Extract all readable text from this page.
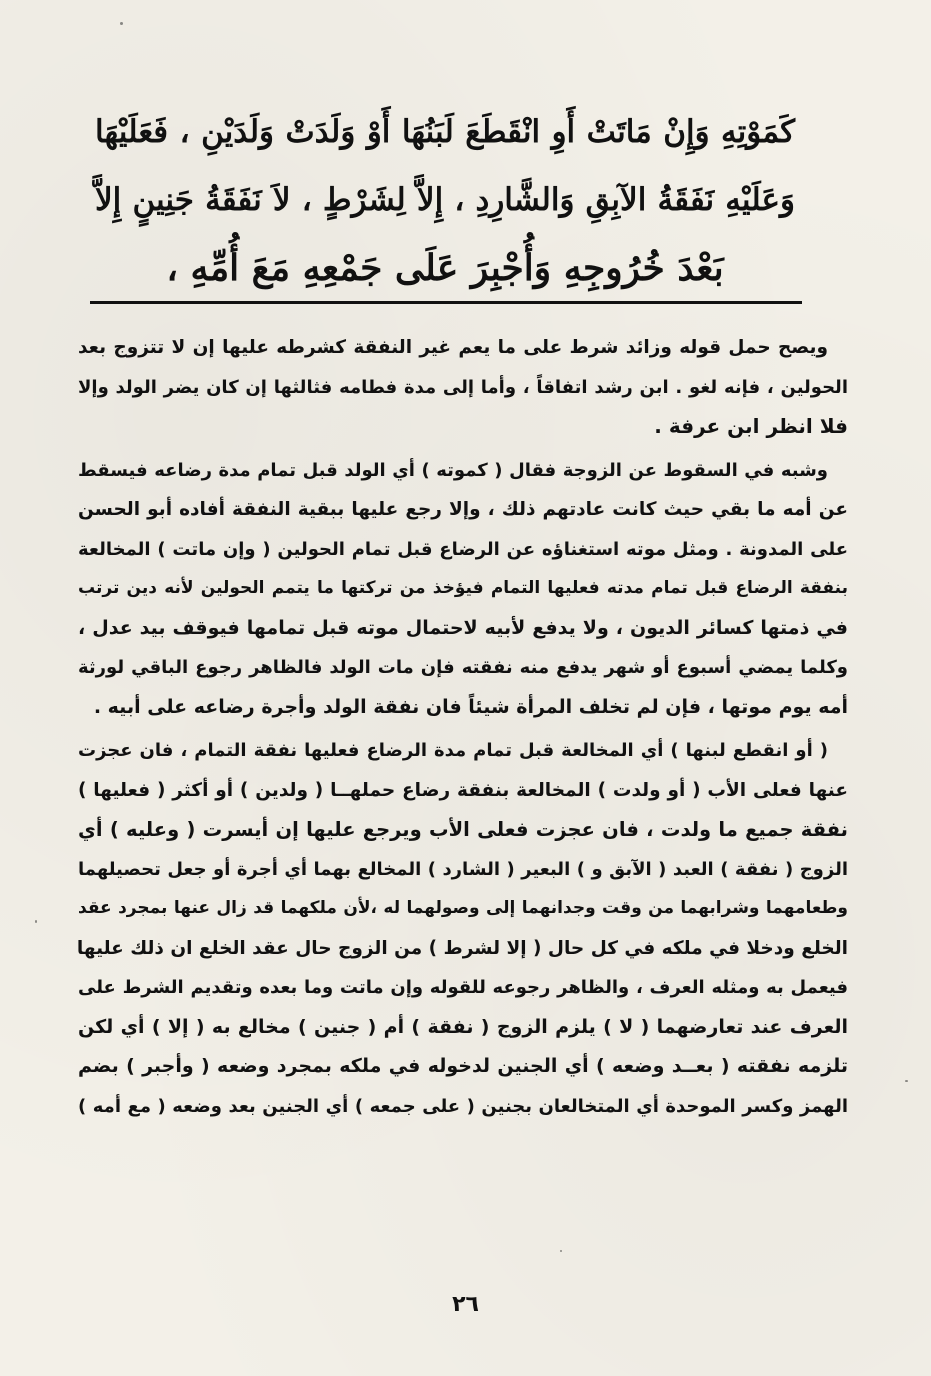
كَمَوْتِهِ وَإِنْ مَاتَتْ أَوِ انْقَطَعَ لَبَنُهَا أَوْ وَلَدَتْ وَلَدَيْنِ ، فَعَلَيْهَا
وَعَلَيْهِ نَفَقَةُ الآبِقِ وَالشَّارِدِ ، إِلاَّ لِشَرْطٍ ، لاَ نَفَقَةُ جَنِينٍ إِلاَّ
بَعْدَ خُرُوجِهِ وَأُجْبِرَ عَلَى جَمْعِهِ مَعَ أُمِّهِ ،
ويصح حمل قوله وزائد شرط على ما يعم غير النفقة كشرطه عليها إن لا تتزوج بعد
الحولين ، فإنه لغو . ابن رشد اتفاقاً ، وأما إلى مدة فطامه فثالثها إن كان يضر الولد وإلا
فلا انظر ابن عرفة .
وشبه في السقوط عن الزوجة فقال ( كموته ) أي الولد قبل تمام مدة رضاعه فيسقط
عن أمه ما بقي حيث كانت عادتهم ذلك ، وإلا رجع عليها ببقية النفقة أفاده أبو الحسن
على المدونة . ومثل موته استغناؤه عن الرضاع قبل تمام الحولين ( وإن ماتت ) المخالعة
بنفقة الرضاع قبل تمام مدته فعليها التمام فيؤخذ من تركتها ما يتمم الحولين لأنه دين ترتب
في ذمتها كسائر الديون ، ولا يدفع لأبيه لاحتمال موته قبل تمامها فيوقف بيد عدل ،
وكلما يمضي أسبوع أو شهر يدفع منه نفقته فإن مات الولد فالظاهر رجوع الباقي لورثة
أمه يوم موتها ، فإن لم تخلف المرأة شيئاً فان نفقة الولد وأجرة رضاعه على أبيه .
( أو انقطع لبنها ) أي المخالعة قبل تمام مدة الرضاع فعليها نفقة التمام ، فان عجزت
عنها فعلى الأب ( أو ولدت ) المخالعة بنفقة رضاع حملهــا ( ولدين ) أو أكثر ( فعليها )
نفقة جميع ما ولدت ، فان عجزت فعلى الأب ويرجع عليها إن أيسرت ( وعليه ) أي
الزوج ( نفقة ) العبد ( الآبق و ) البعير ( الشارد ) المخالع بهما أي أجرة أو جعل تحصيلهما
وطعامهما وشرابهما من وقت وجدانهما إلى وصولهما له ،لأن ملكهما قد زال عنها بمجرد عقد
الخلع ودخلا في ملكه في كل حال ( إلا لشرط ) من الزوج حال عقد الخلع ان ذلك عليها
فيعمل به ومثله العرف ، والظاهر رجوعه للقوله وإن ماتت وما بعده وتقديم الشرط على
العرف عند تعارضهما ( لا ) يلزم الزوج ( نفقة ) أم ( جنين ) مخالع به ( إلا ) أي لكن
تلزمه نفقته ( بعــد وضعه ) أي الجنين لدخوله في ملكه بمجرد وضعه ( وأجبر ) بضم
الهمز وكسر الموحدة أي المتخالعان بجنين ( على جمعه ) أي الجنين بعد وضعه ( مع أمه )
٢٦
